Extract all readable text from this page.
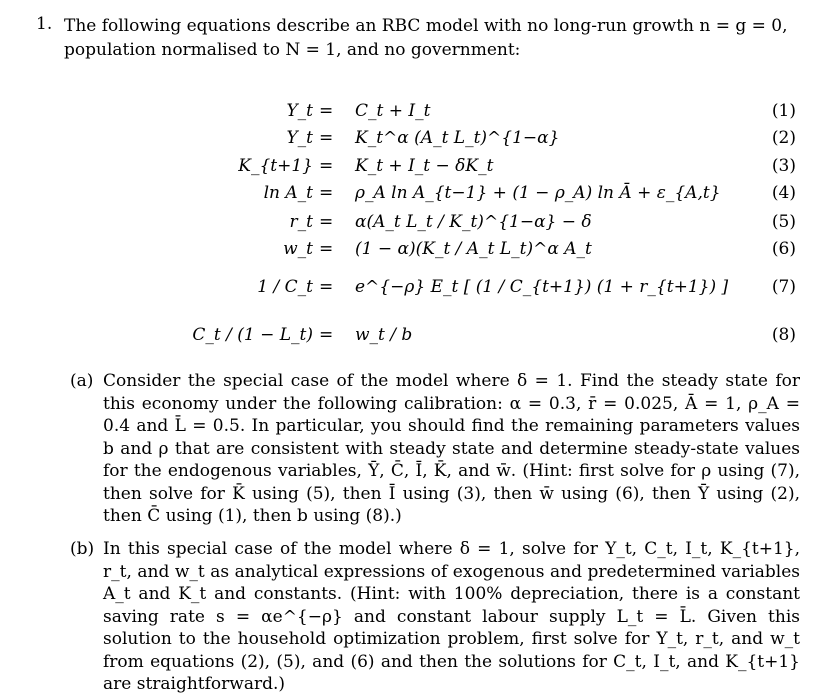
1. The following equations describe an RBC model with no long-run growth n = g = 0, population normalised to N = 1, and no government:
Y_t = C_t + I_t	(1)
Y_t = K_t^α (A_t L_t)^{1−α}	(2)
K_{t+1} = K_t + I_t − δK_t	(3)
ln A_t = ρ_A ln A_{t−1} + (1 − ρ_A) ln Ā + ε_{A,t}	(4)
r_t = α(A_t L_t / K_t)^{1−α} − δ	(5)
w_t = (1 − α)(K_t / A_t L_t)^α A_t	(6)
1 / C_t = e^{−ρ} E_t [ (1 / C_{t+1}) (1 + r_{t+1}) ]	(7)
C_t / (1 − L_t) = w_t / b	(8)
(a) Consider the special case of the model where δ = 1. Find the steady state for this economy under the following calibration: α = 0.3, r̄ = 0.025, Ā = 1, ρ_A = 0.4 and L̄ = 0.5. In particular, you should find the remaining parameters values b and ρ that are consistent with steady state and determine steady-state values for the endogenous variables, Ȳ, C̄, Ī, K̄, and w̄. (Hint: first solve for ρ using (7), then solve for K̄ using (5), then Ī using (3), then w̄ using (6), then Ȳ using (2), then C̄ using (1), then b using (8).)
(b) In this special case of the model where δ = 1, solve for Y_t, C_t, I_t, K_{t+1}, r_t, and w_t as analytical expressions of exogenous and predetermined variables A_t and K_t and constants. (Hint: with 100% depreciation, there is a constant saving rate s = αe^{−ρ} and constant labour supply L_t = L̄. Given this solution to the household optimization problem, first solve for Y_t, r_t, and w_t from equations (2), (5), and (6) and then the solutions for C_t, I_t, and K_{t+1} are straightforward.)
